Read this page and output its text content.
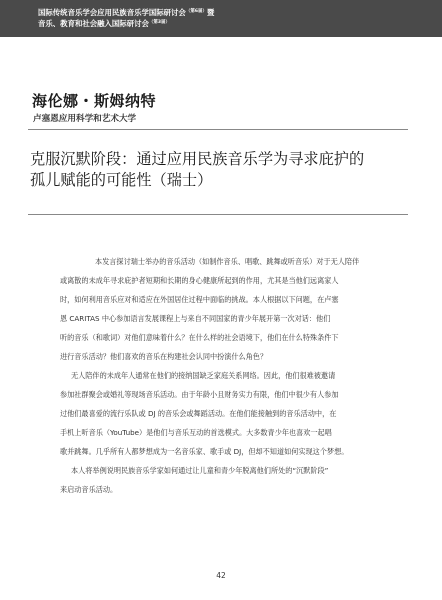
国际传统音乐学会应用民族音乐学国际研讨会$^{(第6届)}$暨
音乐、教育和社会融入国际研讨会$^{(第3届)}$
海伦娜・斯姆纳特
卢塞恩应用科学和艺术大学
克服沉默阶段：通过应用民族音乐学为寻求庇护的
孤儿赋能的可能性（瑞士）
本发言探讨瑞士举办的音乐活动（如制作音乐、唱歌、跳舞或听音乐）对于无人陪伴
或离散的未成年寻求庇护者短期和长期的身心健康所起到的作用，尤其是当他们远离家人
时，如何利用音乐应对和适应在外国居住过程中面临的挑战。本人根据以下问题，在卢塞
恩 CARITAS 中心参加语言发展课程上与来自不同国家的青少年展开第一次对话：他们
听的音乐（和歌词）对他们意味着什么？在什么样的社会语境下，他们在什么特殊条件下
进行音乐活动？他们喜欢的音乐在构建社会认同中扮演什么角色？
无人陪伴的未成年人通常在他们的接纳国缺乏家庭关系网络。因此，他们很难被邀请
参加社群聚会或婚礼等现场音乐活动。由于年龄小且财务实力有限，他们中很少有人参加
过他们最喜爱的流行乐队或 DJ 的音乐会或舞蹈活动。在他们能接触到的音乐活动中，在
手机上听音乐（YouTube）是他们与音乐互动的首选模式。大多数青少年也喜欢一起唱
歌并跳舞。几乎所有人都梦想成为一名音乐家、歌手或 DJ，但却不知道如何实现这个梦想。
本人将举例说明民族音乐学家如何通过让儿童和青少年脱离他们所处的“沉默阶段”
来启动音乐活动。
42
